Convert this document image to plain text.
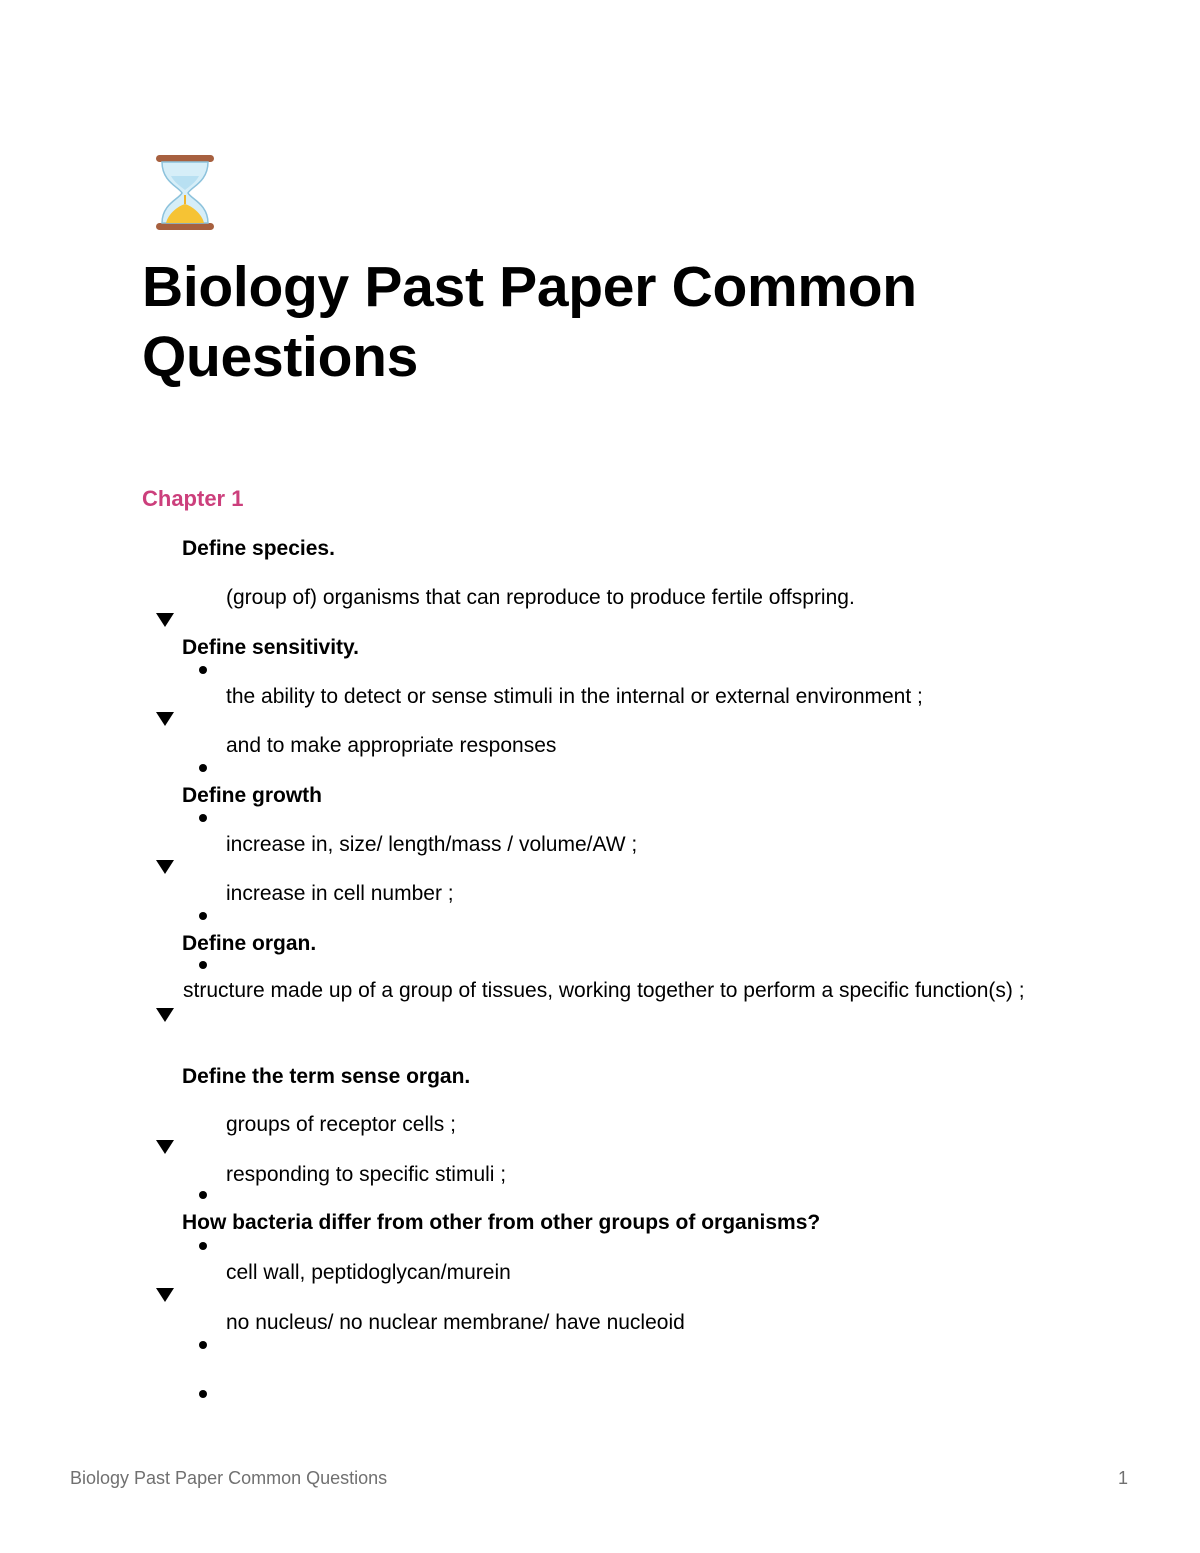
Biology Past Paper Common
Questions
Chapter 1
Define species.
(group of) organisms that can reproduce to produce fertile offspring.
Define sensitivity.
the ability to detect or sense stimuli in the internal or external environment ;
and to make appropriate responses
Define growth
increase in, size/ length/mass / volume/AW ;
increase in cell number ;
Define organ.
structure made up of a group of tissues, working together to perform a specific function(s) ;
Define the term sense organ.
groups of receptor cells ;
responding to specific stimuli ;
How bacteria differ from other from other groups of organisms?
cell wall, peptidoglycan/murein
no nucleus/ no nuclear membrane/ have nucleoid
Biology Past Paper Common Questions	1
